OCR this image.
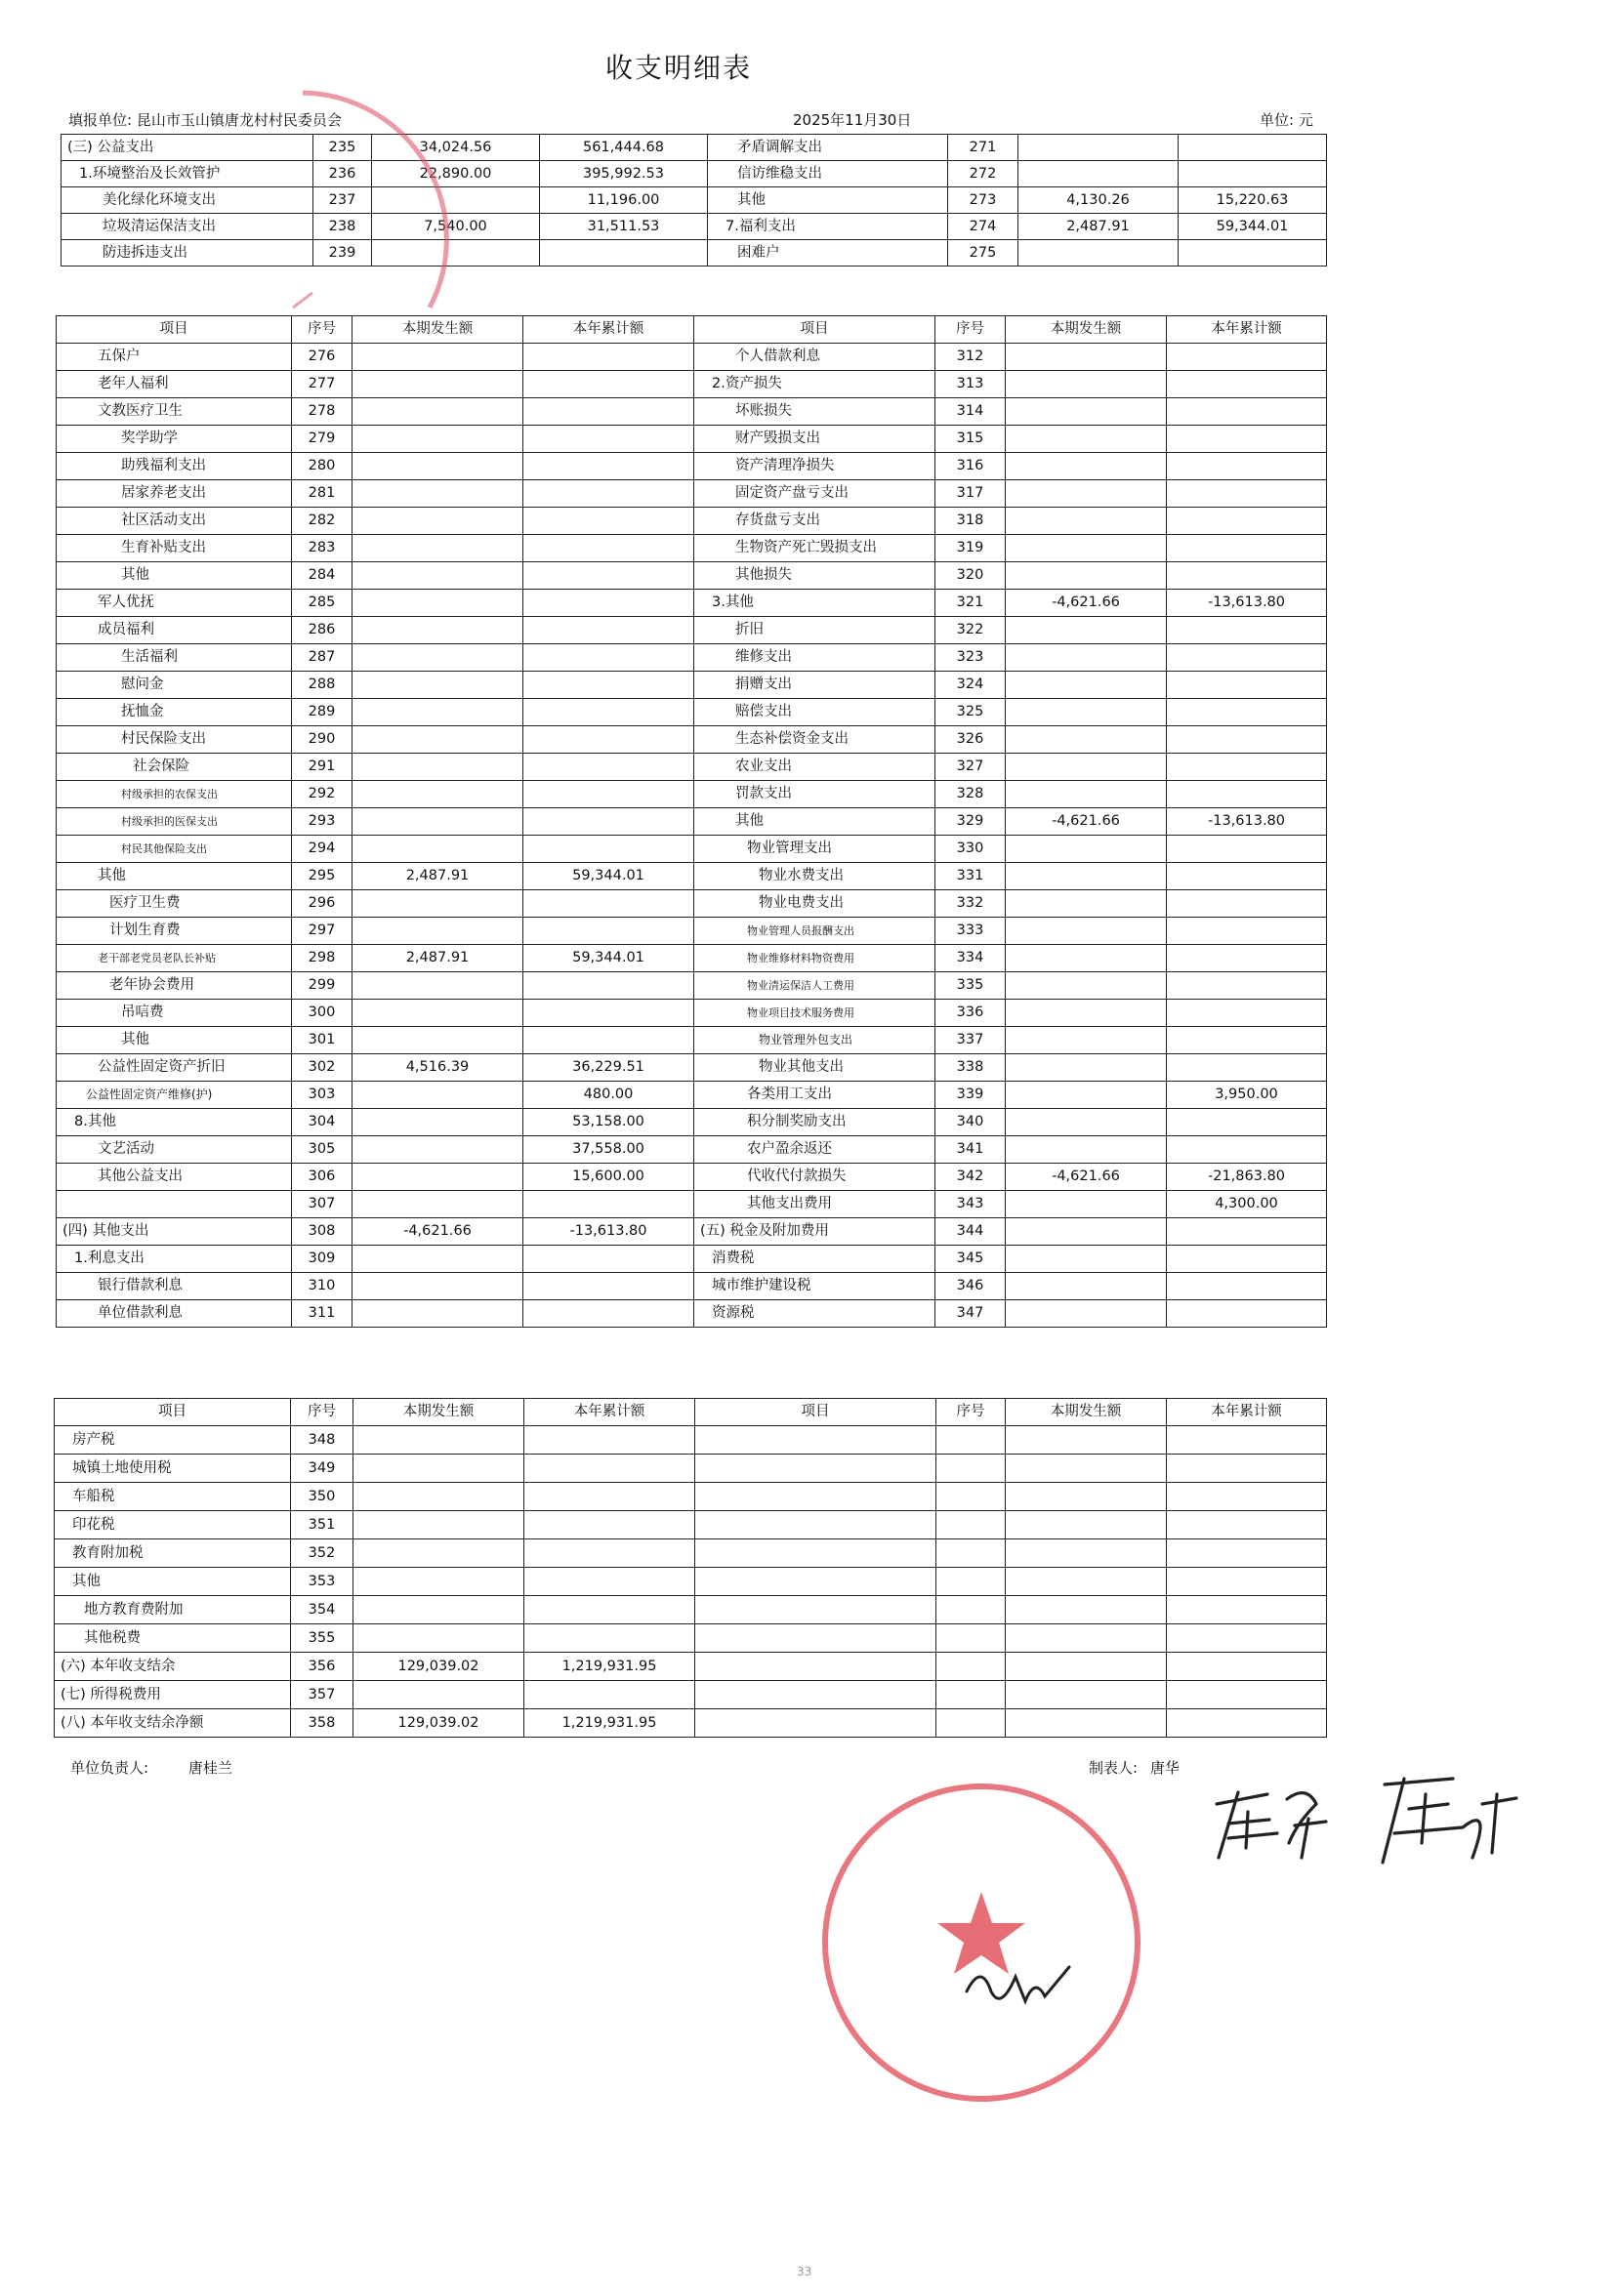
收支明细表
填报单位: 昆山市玉山镇唐龙村村民委员会	2025年11月30日	单位: 元
(三) 公益支出	235	34,024.56	561,444.68	矛盾调解支出	271		
1.环境整治及长效管护	236	22,890.00	395,992.53	信访维稳支出	272		
美化绿化环境支出	237		11,196.00	其他	273	4,130.26	15,220.63
垃圾清运保洁支出	238	7,540.00	31,511.53	7.福利支出	274	2,487.91	59,344.01
防违拆违支出	239			困难户	275		
项目	序号	本期发生额	本年累计额	项目	序号	本期发生额	本年累计额
五保户	276			个人借款利息	312		
老年人福利	277			2.资产损失	313		
文教医疗卫生	278			坏账损失	314		
奖学助学	279			财产毁损支出	315		
助残福利支出	280			资产清理净损失	316		
居家养老支出	281			固定资产盘亏支出	317		
社区活动支出	282			存货盘亏支出	318		
生育补贴支出	283			生物资产死亡毁损支出	319		
其他	284			其他损失	320		
军人优抚	285			3.其他	321	-4,621.66	-13,613.80
成员福利	286			折旧	322		
生活福利	287			维修支出	323		
慰问金	288			捐赠支出	324		
抚恤金	289			赔偿支出	325		
村民保险支出	290			生态补偿资金支出	326		
社会保险	291			农业支出	327		
村级承担的农保支出	292			罚款支出	328		
村级承担的医保支出	293			其他	329	-4,621.66	-13,613.80
村民其他保险支出	294			物业管理支出	330		
其他	295	2,487.91	59,344.01	物业水费支出	331		
医疗卫生费	296			物业电费支出	332		
计划生育费	297			物业管理人员报酬支出	333		
老干部老党员老队长补贴	298	2,487.91	59,344.01	物业维修材料物资费用	334		
老年协会费用	299			物业清运保洁人工费用	335		
吊唁费	300			物业项目技术服务费用	336		
其他	301			物业管理外包支出	337		
公益性固定资产折旧	302	4,516.39	36,229.51	物业其他支出	338		
公益性固定资产维修(护)	303		480.00	各类用工支出	339		3,950.00
8.其他	304		53,158.00	积分制奖励支出	340		
文艺活动	305		37,558.00	农户盈余返还	341		
其他公益支出	306		15,600.00	代收代付款损失	342	-4,621.66	-21,863.80
	307			其他支出费用	343		4,300.00
(四) 其他支出	308	-4,621.66	-13,613.80	(五) 税金及附加费用	344		
1.利息支出	309			消费税	345		
银行借款利息	310			城市维护建设税	346		
单位借款利息	311			资源税	347		
项目	序号	本期发生额	本年累计额	项目	序号	本期发生额	本年累计额
房产税	348						
城镇土地使用税	349						
车船税	350						
印花税	351						
教育附加税	352						
其他	353						
地方教育费附加	354						
其他税费	355						
(六) 本年收支结余	356	129,039.02	1,219,931.95				
(七) 所得税费用	357						
(八) 本年收支结余净额	358	129,039.02	1,219,931.95				
单位负责人:	唐桂兰	制表人: 唐华
33
